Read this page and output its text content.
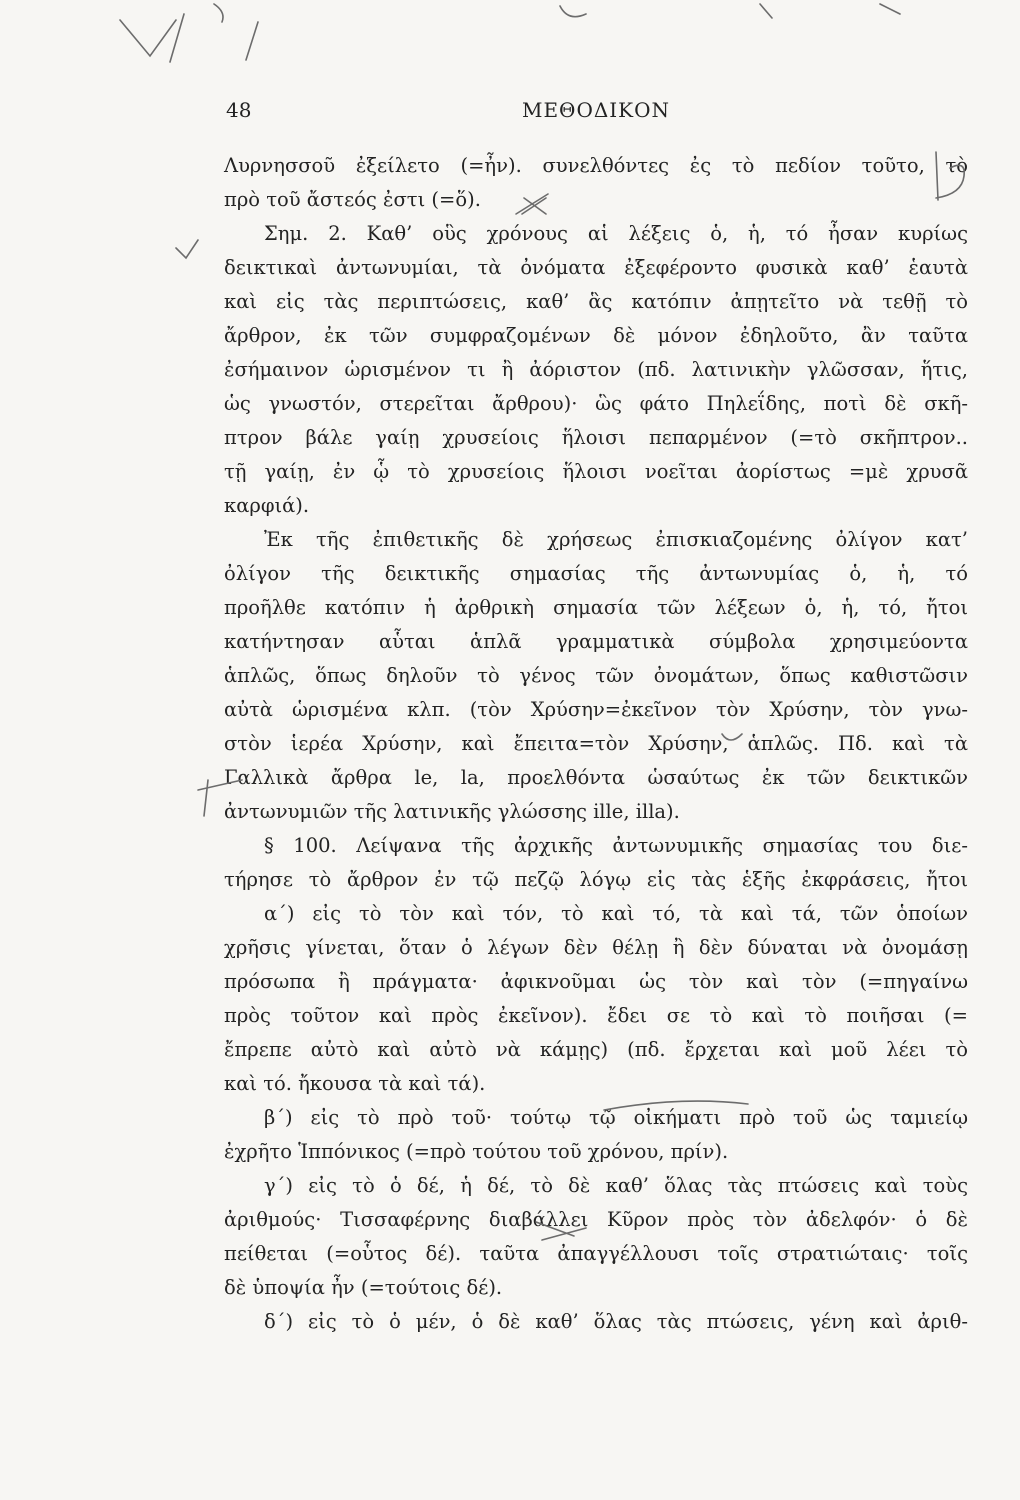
48	ΜΕΘΟΔΙΚΟΝ
Λυρνησσοῦ ἐξείλετο (=ἦν). συνελθόντες ἐς τὸ πεδίον τοῦτο, τὸ
πρὸ τοῦ ἄστεός ἐστι (=ὅ).
Σημ. 2. Καθ’ οὓς χρόνους αἱ λέξεις ὁ, ἡ, τό ἦσαν κυρίως
δεικτικαὶ ἀντωνυμίαι, τὰ ὀνόματα ἐξεφέροντο φυσικὰ καθ’ ἑαυτὰ
καὶ εἰς τὰς περιπτώσεις, καθ’ ἃς κατόπιν ἀπῃτεῖτο νὰ τεθῇ τὸ
ἄρθρον, ἐκ τῶν συμφραζομένων δὲ μόνον ἐδηλοῦτο, ἂν ταῦτα
ἐσήμαινον ὡρισμένον τι ἢ ἀόριστον (πδ. λατινικὴν γλῶσσαν, ἥτις,
ὡς γνωστόν, στερεῖται ἄρθρου)· ὣς φάτο Πηλεΐδης, ποτὶ δὲ σκῆ-
πτρον βάλε γαίῃ χρυσείοις ἥλοισι πεπαρμένον (=τὸ σκῆπτρον..
τῇ γαίῃ, ἐν ᾧ τὸ χρυσείοις ἥλοισι νοεῖται ἀορίστως =μὲ χρυσᾶ
καρφιά).
Ἐκ τῆς ἐπιθετικῆς δὲ χρήσεως ἐπισκιαζομένης ὀλίγον κατ’
ὀλίγον τῆς δεικτικῆς σημασίας τῆς ἀντωνυμίας ὁ, ἡ, τό
προῆλθε κατόπιν ἡ ἀρθρικὴ σημασία τῶν λέξεων ὁ, ἡ, τό, ἤτοι
κατήντησαν αὗται ἁπλᾶ γραμματικὰ σύμβολα χρησιμεύοντα
ἁπλῶς, ὅπως δηλοῦν τὸ γένος τῶν ὀνομάτων, ὅπως καθιστῶσιν
αὐτὰ ὡρισμένα κλπ. (τὸν Χρύσην=ἐκεῖνον τὸν Χρύσην, τὸν γνω-
στὸν ἱερέα Χρύσην, καὶ ἔπειτα=τὸν Χρύσην, ἁπλῶς. Πδ. καὶ τὰ
Γαλλικὰ ἄρθρα le, la, προελθόντα ὡσαύτως ἐκ τῶν δεικτικῶν
ἀντωνυμιῶν τῆς λατινικῆς γλώσσης ille, illa).
§ 100. Λείψανα τῆς ἀρχικῆς ἀντωνυμικῆς σημασίας του διε-
τήρησε τὸ ἄρθρον ἐν τῷ πεζῷ λόγῳ εἰς τὰς ἑξῆς ἐκφράσεις, ἤτοι
α΄) εἰς τὸ τὸν καὶ τόν, τὸ καὶ τό, τὰ καὶ τά, τῶν ὁποίων
χρῆσις γίνεται, ὅταν ὁ λέγων δὲν θέλῃ ἢ δὲν δύναται νὰ ὀνομάσῃ
πρόσωπα ἢ πράγματα· ἀφικνοῦμαι ὡς τὸν καὶ τὸν (=πηγαίνω
πρὸς τοῦτον καὶ πρὸς ἐκεῖνον). ἔδει σε τὸ καὶ τὸ ποιῆσαι (=
ἔπρεπε αὐτὸ καὶ αὐτὸ νὰ κάμῃς) (πδ. ἔρχεται καὶ μοῦ λέει τὸ
καὶ τό. ἤκουσα τὰ καὶ τά).
β΄) εἰς τὸ πρὸ τοῦ· τούτῳ τῷ οἰκήματι πρὸ τοῦ ὡς ταμιείῳ
ἐχρῆτο Ἱππόνικος (=πρὸ τούτου τοῦ χρόνου, πρίν).
γ΄) εἰς τὸ ὁ δέ, ἡ δέ, τὸ δὲ καθ’ ὅλας τὰς πτώσεις καὶ τοὺς
ἀριθμούς· Τισσαφέρνης διαβάλλει Κῦρον πρὸς τὸν ἀδελφόν· ὁ δὲ
πείθεται (=οὗτος δέ). ταῦτα ἀπαγγέλλουσι τοῖς στρατιώταις· τοῖς
δὲ ὑποψία ἦν (=τούτοις δέ).
δ΄) εἰς τὸ ὁ μέν, ὁ δὲ καθ’ ὅλας τὰς πτώσεις, γένη καὶ ἀριθ-
